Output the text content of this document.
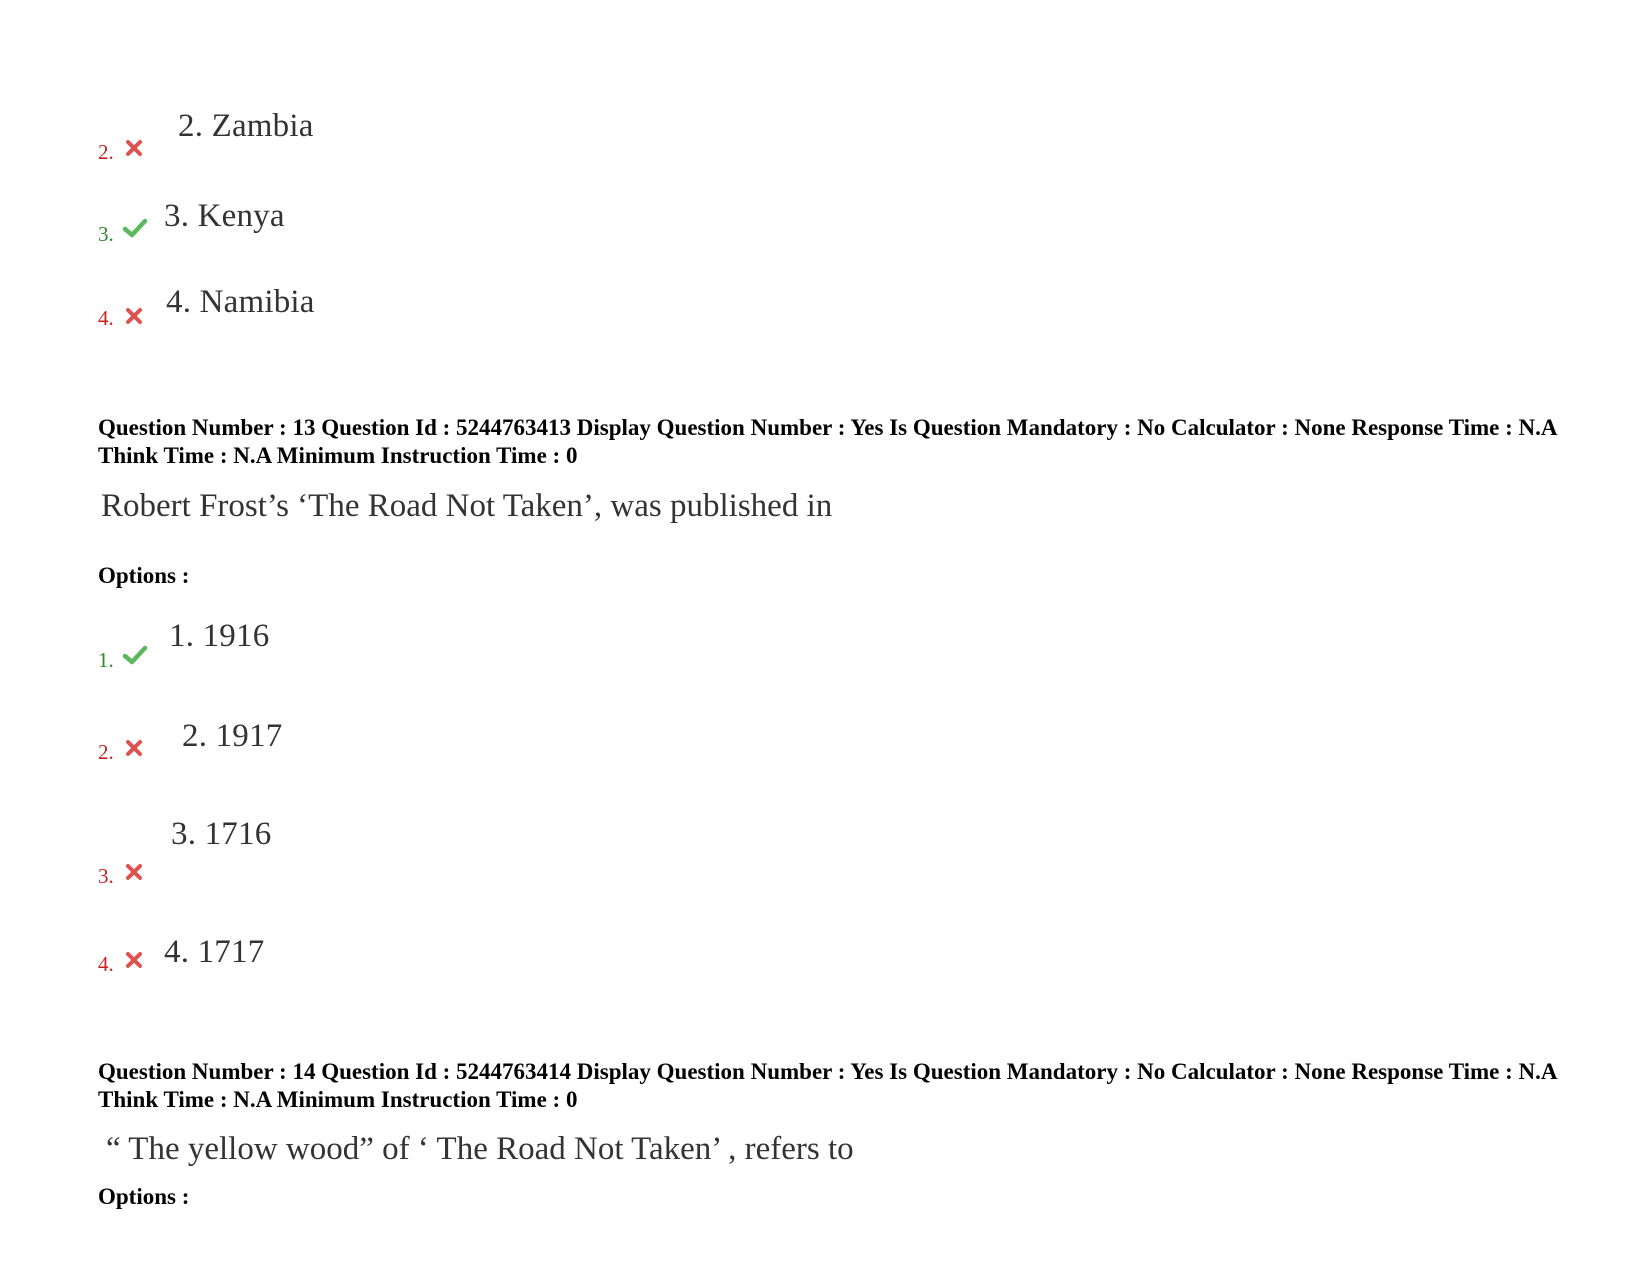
2.
2. Zambia
3. 3. Kenya
4. 4. Namibia
Question Number : 13 Question Id : 5244763413 Display Question Number : Yes Is Question Mandatory : No Calculator : None Response Time : N.A Think Time : N.A Minimum Instruction Time : 0
Robert Frost’s ‘The Road Not Taken’, was published in
Options :
1.
1. 1916
2. 2. 1917
3.
3. 1716
4. 4. 1717
Question Number : 14 Question Id : 5244763414 Display Question Number : Yes Is Question Mandatory : No Calculator : None Response Time : N.A Think Time : N.A Minimum Instruction Time : 0
“ The yellow wood” of ‘ The Road Not Taken’ , refers to
Options :
